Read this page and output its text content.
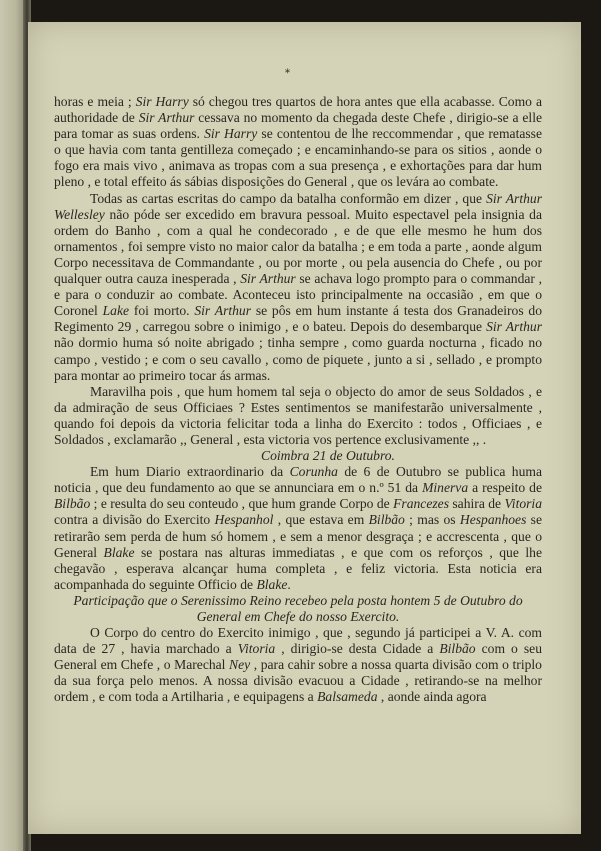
*

horas e meia ; Sir Harry só chegou tres quartos de hora antes que ella acabasse. Como a authoridade de Sir Arthur cessava no momento da chegada deste Chefe , dirigio-se a elle para tomar as suas ordens. Sir Harry se contentou de lhe reccommendar , que rematasse o que havia com tanta gentilleza começado ; e encaminhando-se para os sitios , aonde o fogo era mais vivo , animava as tropas com a sua presença , e exhortações para dar hum pleno , e total effeito ás sábias disposições do General , que os levára ao combate.

Todas as cartas escritas do campo da batalha conformão em dizer , que Sir Arthur Wellesley não póde ser excedido em bravura pessoal. Muito espectavel pela insignia da ordem do Banho , com a qual he condecorado , e de que elle mesmo he hum dos ornamentos , foi sempre visto no maior calor da batalha ; e em toda a parte , aonde algum Corpo necessitava de Commandante , ou por morte , ou pela ausencia do Chefe , ou por qualquer outra cauza inesperada , Sir Arthur se achava logo prompto para o commandar , e para o conduzir ao combate. Aconteceu isto principalmente na occasião , em que o Coronel Lake foi morto. Sir Arthur se pôs em hum instante á testa dos Granadeiros do Regimento 29 , carregou sobre o inimigo , e o bateu. Depois do desembarque Sir Arthur não dormio huma só noite abrigado ; tinha sempre , como guarda nocturna , ficado no campo , vestido ; e com o seu cavallo , como de piquete , junto a si , sellado , e prompto para montar ao primeiro tocar ás armas.

Maravilha pois , que hum homem tal seja o objecto do amor de seus Soldados , e da admiração de seus Officiaes ? Estes sentimentos se manifestarão universalmente , quando foi depois da victoria felicitar toda a linha do Exercito : todos , Officiaes , e Soldados , exclamarão ,, General , esta victoria vos pertence exclusivamente ,, .

Coimbra 21 de Outubro.

Em hum Diario extraordinario da Corunha de 6 de Outubro se publica huma noticia , que deu fundamento ao que se annunciara em o n.º 51 da Minerva a respeito de Bilbão ; e resulta do seu conteudo , que hum grande Corpo de Francezes sahira de Vitoria contra a divisão do Exercito Hespanhol , que estava em Bilbão ; mas os Hespanhoes se retirarão sem perda de hum só homem , e sem a menor desgraça ; e accrescenta , que o General Blake se postara nas alturas immediatas , e que com os reforços , que lhe chegavão , esperava alcançar huma completa , e feliz victoria. Esta noticia era acompanhada do seguinte Officio de Blake.

Participação que o Serenissimo Reino recebeo pela posta hontem 5 de Outubro do General em Chefe do nosso Exercito.

O Corpo do centro do Exercito inimigo , que , segundo já participei a V. A. com data de 27 , havia marchado a Vitoria , dirigio-se desta Cidade a Bilbão com o seu General em Chefe , o Marechal Ney , para cahir sobre a nossa quarta divisão com o triplo da sua força pelo menos. A nossa divisão evacuou a Cidade , retirando-se na melhor ordem , e com toda a Artilharia , e equipagens a Balsameda , aonde ainda agora
